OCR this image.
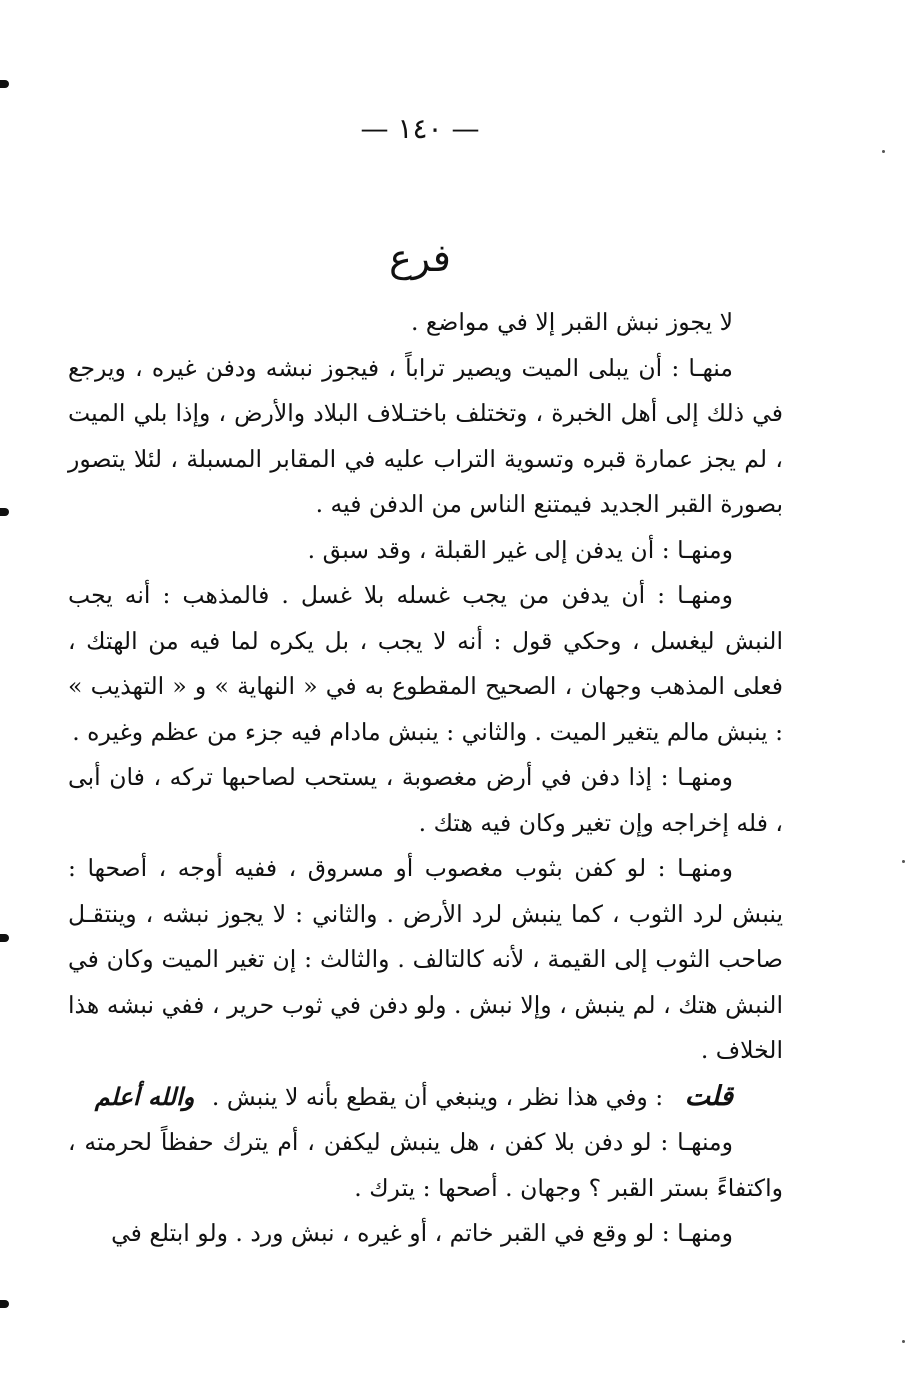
— ١٤٠ —
فرع

لا يجوز نبش القبر إلا في مواضع .

منهـا : أن يبلى الميت ويصير تراباً ، فيجوز نبشه ودفن غيره ، ويرجع في ذلك إلى أهل الخبرة ، وتختلف باختـلاف البلاد والأرض ، وإذا بلي الميت ، لم يجز عمارة قبره وتسوية التراب عليه في المقابر المسبلة ، لئلا يتصور بصورة القبر الجديد فيمتنع الناس من الدفن فيه .

ومنهـا : أن يدفن إلى غير القبلة ، وقد سبق .

ومنهـا : أن يدفن من يجب غسله بلا غسل . فالمذهب : أنه يجب النبش ليغسل ، وحكي قول : أنه لا يجب ، بل يكره لما فيه من الهتك ، فعلى المذهب وجهان ، الصحيح المقطوع به في « النهاية » و « التهذيب » : ينبش مالم يتغير الميت . والثاني : ينبش مادام فيه جزء من عظم وغيره .

ومنهـا : إذا دفن في أرض مغصوبة ، يستحب لصاحبها تركه ، فان أبى ، فله إخراجه وإن تغير وكان فيه هتك .

ومنهـا : لو كفن بثوب مغصوب أو مسروق ، ففيه أوجه ، أصحها : ينبش لرد الثوب ، كما ينبش لرد الأرض . والثاني : لا يجوز نبشه ، وينتقـل صاحب الثوب إلى القيمة ، لأنه كالتالف . والثالث : إن تغير الميت وكان في النبش هتك ، لم ينبش ، وإلا نبش . ولو دفن في ثوب حرير ، ففي نبشه هذا الخلاف .

قلت : وفي هذا نظر ، وينبغي أن يقطع بأنه لا ينبش . والله أعلم

ومنهـا : لو دفن بلا كفن ، هل ينبش ليكفن ، أم يترك حفظاً لحرمته ، واكتفاءً بستر القبر ؟ وجهان . أصحها : يترك .

ومنهـا : لو وقع في القبر خاتم ، أو غيره ، نبش ورد . ولو ابتلع في
